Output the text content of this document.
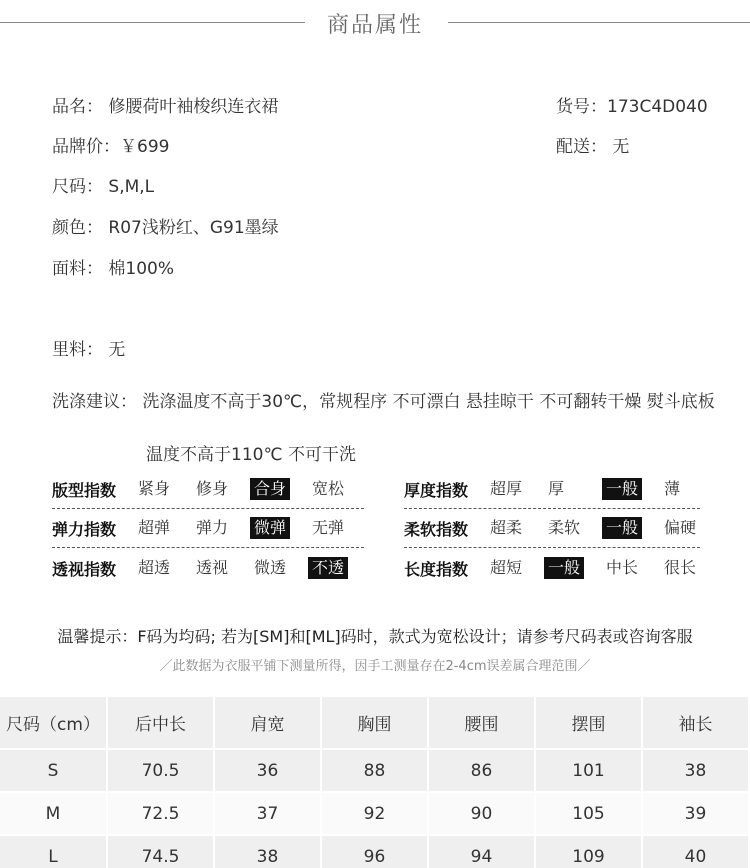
商品属性
品名： 修腰荷叶袖梭织连衣裙	货号：173C4D040
品牌价：￥699	配送： 无
尺码： S,M,L
颜色： R07浅粉红、G91墨绿
面料： 棉100%
里料： 无
洗涤建议： 洗涤温度不高于30℃，常规程序 不可漂白 悬挂晾干 不可翻转干燥 熨斗底板
温度不高于110℃ 不可干洗
版型指数	紧身	修身	合身	宽松	厚度指数	超厚	厚	一般	薄
弹力指数	超弹	弹力	微弹	无弹	柔软指数	超柔	柔软	一般	偏硬
透视指数	超透	透视	微透	不透	长度指数	超短	一般	中长	很长
温馨提示：F码为均码; 若为[SM]和[ML]码时，款式为宽松设计；请参考尺码表或咨询客服
／此数据为衣服平铺下测量所得，因手工测量存在2-4cm误差属合理范围／
尺码（cm）	后中长	肩宽	胸围	腰围	摆围	袖长
S	70.5	36	88	86	101	38
M	72.5	37	92	90	105	39
L	74.5	38	96	94	109	40
